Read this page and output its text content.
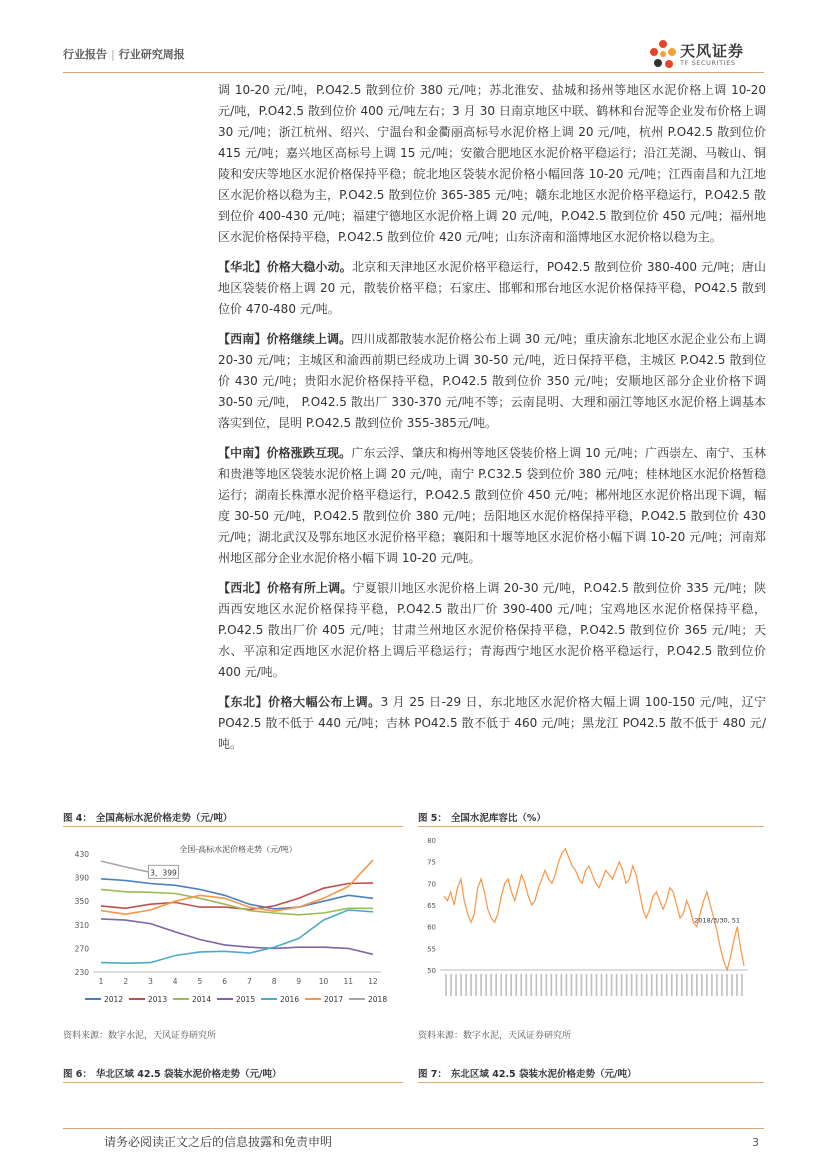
行业报告 | 行业研究周报	天风证券
TF SECURITIES

调 10-20 元/吨，P.O42.5 散到位价 380 元/吨；苏北淮安、盐城和扬州等地区水泥价格上调 10-20 元/吨，P.O42.5 散到位价 400 元/吨左右；3 月 30 日南京地区中联、鹤林和台泥等企业发布价格上调 30 元/吨；浙江杭州、绍兴、宁温台和金衢丽高标号水泥价格上调 20 元/吨，杭州 P.O42.5 散到位价 415 元/吨；嘉兴地区高标号上调 15 元/吨；安徽合肥地区水泥价格平稳运行；沿江芜湖、马鞍山、铜陵和安庆等地区水泥价格保持平稳；皖北地区袋装水泥价格小幅回落 10-20 元/吨；江西南昌和九江地区水泥价格以稳为主，P.O42.5 散到位价 365-385 元/吨；赣东北地区水泥价格平稳运行，P.O42.5 散到位价 400-430 元/吨；福建宁德地区水泥价格上调 20 元/吨，P.O42.5 散到位价 450 元/吨；福州地区水泥价格保持平稳，P.O42.5 散到位价 420 元/吨；山东济南和淄博地区水泥价格以稳为主。

【华北】价格大稳小动。北京和天津地区水泥价格平稳运行，PO42.5 散到位价 380-400 元/吨；唐山地区袋装价格上调 20 元，散装价格平稳；石家庄、邯郸和邢台地区水泥价格保持平稳，PO42.5 散到位价 470-480 元/吨。

【西南】价格继续上调。四川成都散装水泥价格公布上调 30 元/吨；重庆渝东北地区水泥企业公布上调 20-30 元/吨；主城区和渝西前期已经成功上调 30-50 元/吨，近日保持平稳，主城区 P.O42.5 散到位价 430 元/吨；贵阳水泥价格保持平稳，P.O42.5 散到位价 350 元/吨；安顺地区部分企业价格下调 30-50 元/吨， P.O42.5 散出厂 330-370 元/吨不等；云南昆明、大理和丽江等地区水泥价格上调基本落实到位，昆明 P.O42.5 散到位价 355-385元/吨。

【中南】价格涨跌互现。广东云浮、肇庆和梅州等地区袋装价格上调 10 元/吨；广西崇左、南宁、玉林和贵港等地区袋装水泥价格上调 20 元/吨，南宁 P.C32.5 袋到位价 380 元/吨；桂林地区水泥价格暂稳运行；湖南长株潭水泥价格平稳运行，P.O42.5 散到位价 450 元/吨；郴州地区水泥价格出现下调，幅度 30-50 元/吨，P.O42.5 散到位价 380 元/吨；岳阳地区水泥价格保持平稳，P.O42.5 散到位价 430 元/吨；湖北武汉及鄂东地区水泥价格平稳；襄阳和十堰等地区水泥价格小幅下调 10-20 元/吨；河南郑州地区部分企业水泥价格小幅下调 10-20 元/吨。

【西北】价格有所上调。宁夏银川地区水泥价格上调 20-30 元/吨，P.O42.5 散到位价 335 元/吨；陕西西安地区水泥价格保持平稳，P.O42.5 散出厂价 390-400 元/吨；宝鸡地区水泥价格保持平稳，P.O42.5 散出厂价 405 元/吨；甘肃兰州地区水泥价格保持平稳，P.O42.5 散到位价 365 元/吨；天水、平凉和定西地区水泥价格上调后平稳运行；青海西宁地区水泥价格平稳运行，P.O42.5 散到位价 400 元/吨。

【东北】价格大幅公布上调。3 月 25 日-29 日，东北地区水泥价格大幅上调 100-150 元/吨，辽宁 PO42.5 散不低于 440 元/吨；吉林 PO42.5 散不低于 460 元/吨；黑龙江 PO42.5 散不低于 480 元/吨。

图 4： 全国高标水泥价格走势（元/吨）
全国-高标水泥价格走势（元/吨）
430
390
350
310
270
230
1	2	3	4	5	6	7	8	9 10 11 12
3，399
2012	2013	2014	2015	2016	2017	2018
资料来源：数字水泥，天风证券研究所
图 5： 全国水泥库容比（%）
80
75
70
65
60
55
50
2018/3/30, 51
资料来源：数字水泥，天风证券研究所
图 6： 华北区域 42.5 袋装水泥价格走势（元/吨）	图 7： 东北区域 42.5 袋装水泥价格走势（元/吨）
请务必阅读正文之后的信息披露和免责申明	3
